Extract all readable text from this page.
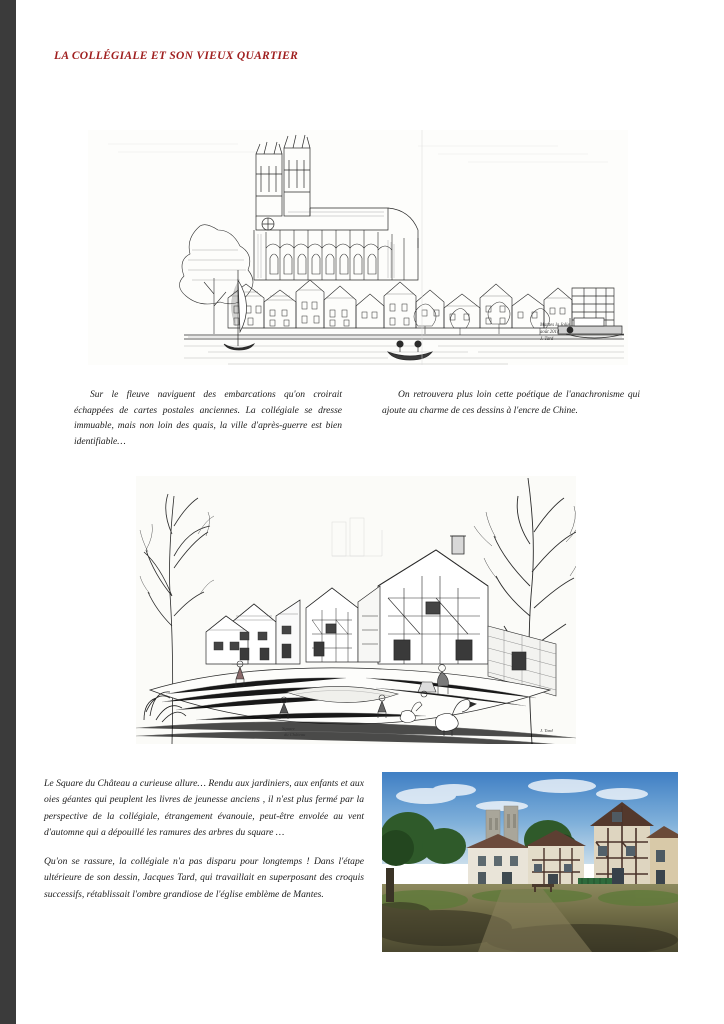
LA COLLÉGIALE ET SON VIEUX QUARTIER
Mantes la Jolie
août 2014
J. Tard
Sur le fleuve naviguent des embarcations qu'on croirait échappées de cartes postales anciennes. La collégiale se dresse immuable, mais non loin des quais, la ville d'après-guerre est bien identifiable…
On retrouvera plus loin cette poétique de l'anachronisme qui ajoute au charme de ces dessins à l'encre de Chine.
Square
du Château
J. Tard

Le Square du Château a curieuse allure… Rendu aux jardiniers, aux enfants et aux oies géantes qui peuplent les livres de jeunesse anciens , il n'est plus fermé par la perspective de la collégiale, étrangement évanouie, peut-être envolée au vent d'automne qui a dépouillé les ramures des arbres du square …

Qu'on se rassure, la collégiale n'a pas disparu pour longtemps ! Dans l'étape ultérieure de son dessin, Jacques Tard, qui travaillait en superposant des croquis successifs, rétablissait l'ombre grandiose de l'église emblème de Mantes.
